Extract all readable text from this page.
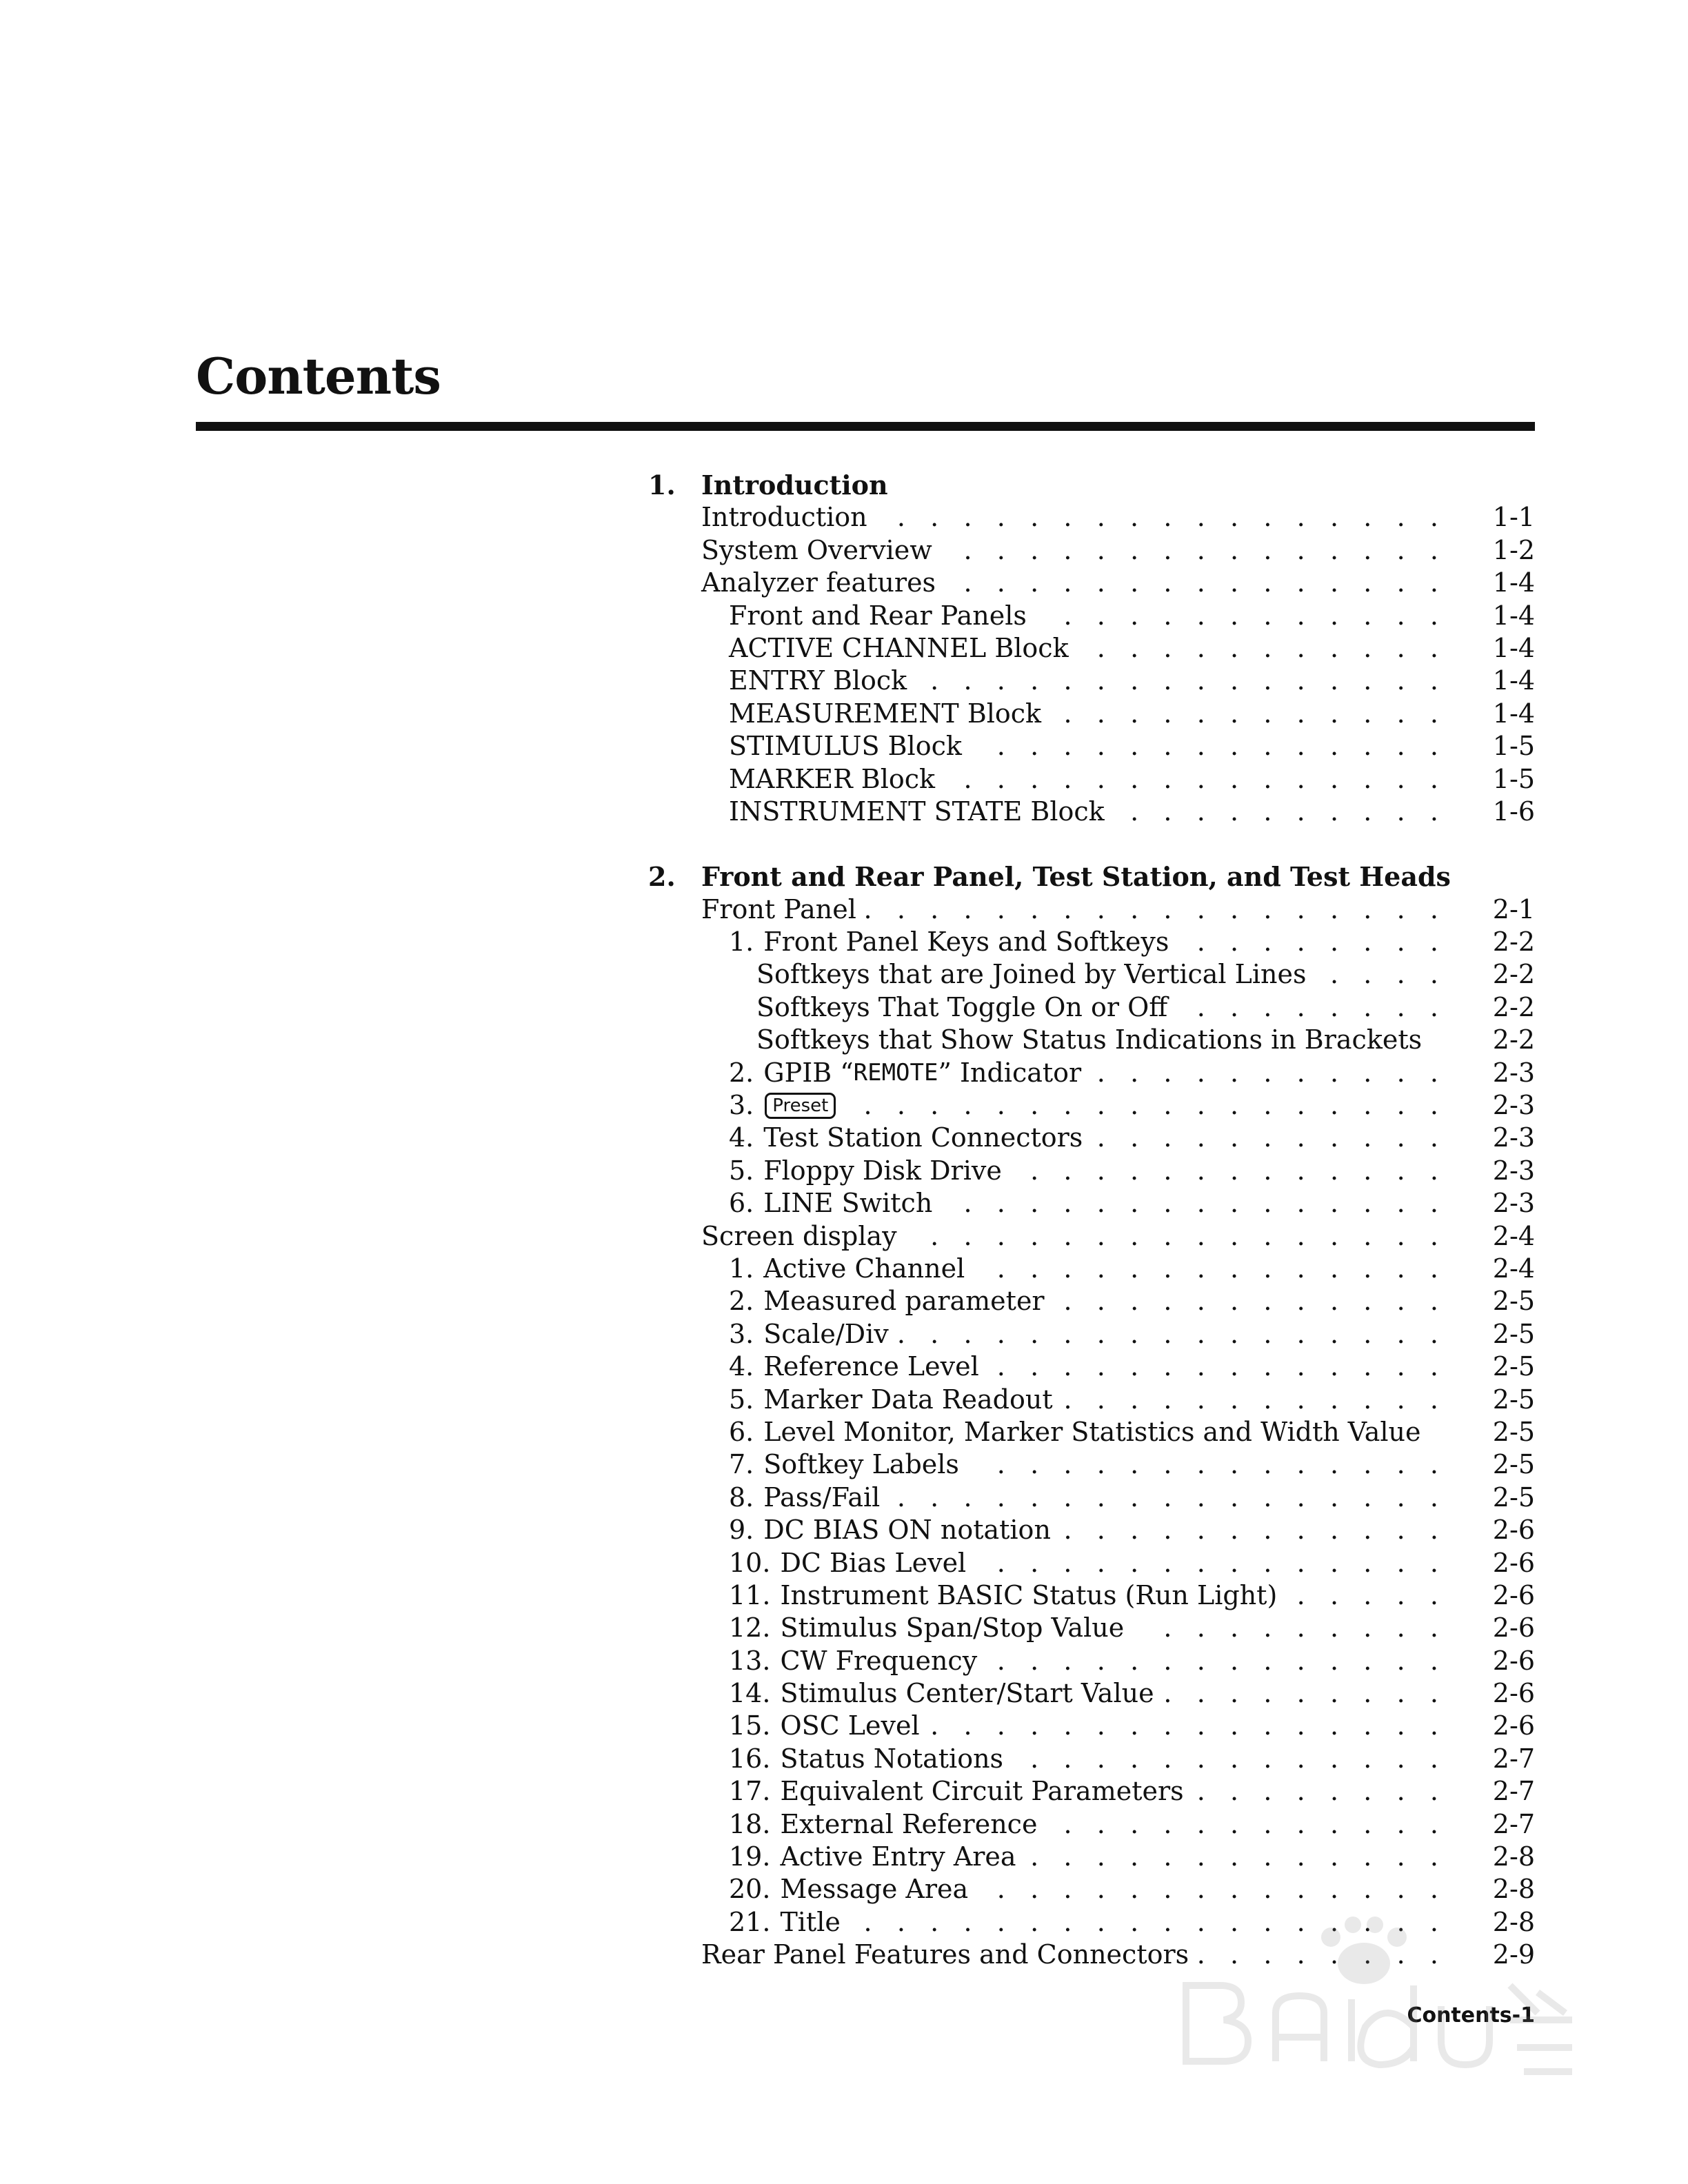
Contents
1. Introduction
Introduction .   .   .   .   .   .   .   .   .   .   .   .   .   .   .   .   . 1-1
System Overview .   .   .   .   .   .   .   .   .   .   .   .   .   .   . 1-2
Analyzer features .   .   .   .   .   .   .   .   .   .   .   .   .   .   . 1-4
Front and Rear Panels .   .   .   .   .   .   .   .   .   .   .   . 1-4
ACTIVE CHANNEL Block .   .   .   .   .   .   .   .   .   .   . 1-4
ENTRY Block .   .   .   .   .   .   .   .   .   .   .   .   .   .   .   . 1-4
MEASUREMENT Block .   .   .   .   .   .   .   .   .   .   .   . 1-4
STIMULUS Block .   .   .   .   .   .   .   .   .   .   .   .   .   . 1-5
MARKER Block .   .   .   .   .   .   .   .   .   .   .   .   .   .   . 1-5
INSTRUMENT STATE Block .   .   .   .   .   .   .   .   .   . 1-6
2. Front and Rear Panel, Test Station, and Test Heads
Front Panel .   .   .   .   .   .   .   .   .   .   .   .   .   .   .   .   .   . 2-1
1. Front Panel Keys and Softkeys .   .   .   .   .   .   .   . 2-2
Softkeys that are Joined by Vertical Lines .   .   .   . 2-2
Softkeys That Toggle On or Off .   .   .   .   .   .   .   . 2-2
Softkeys that Show Status Indications in Brackets	2-2
2. GPIB “ REMOTE ” Indicator .   .   .   .   .   .   .   .   .   .   . 2-3
3.	Preset .   .   .   .   .   .   .   .   .   .   .   .   .   .   .   .   .   . 2-3
4. Test Station Connectors .   .   .   .   .   .   .   .   .   .   . 2-3
5. Floppy Disk Drive .   .   .   .   .   .   .   .   .   .   .   .   . 2-3
6. LINE Switch .   .   .   .   .   .   .   .   .   .   .   .   .   .   . 2-3
Screen display .   .   .   .   .   .   .   .   .   .   .   .   .   .   .   . 2-4
1. Active Channel .   .   .   .   .   .   .   .   .   .   .   .   .   . 2-4
2. Measured parameter .   .   .   .   .   .   .   .   .   .   .   . 2-5
3. Scale/Div .   .   .   .   .   .   .   .   .   .   .   .   .   .   .   .   . 2-5
4. Reference Level .   .   .   .   .   .   .   .   .   .   .   .   .   . 2-5
5. Marker Data Readout .   .   .   .   .   .   .   .   .   .   .   . 2-5
6. Level Monitor, Marker Statistics and Width Value	2-5
7. Softkey Labels .   .   .   .   .   .   .   .   .   .   .   .   .   . 2-5
8. Pass/Fail .   .   .   .   .   .   .   .   .   .   .   .   .   .   .   .   . 2-5
9. DC BIAS ON notation .   .   .   .   .   .   .   .   .   .   .   . 2-6
10. DC Bias Level .   .   .   .   .   .   .   .   .   .   .   .   .   . 2-6
11. Instrument BASIC Status (Run Light) .   .   .   .   . 2-6
12. Stimulus Span/Stop Value .   .   .   .   .   .   .   .   . 2-6
13. CW Frequency .   .   .   .   .   .   .   .   .   .   .   .   .   . 2-6
14. Stimulus Center/Start Value .   .   .   .   .   .   .   .   . 2-6
15. OSC Level .   .   .   .   .   .   .   .   .   .   .   .   .   .   .   . 2-6
16. Status Notations .   .   .   .   .   .   .   .   .   .   .   .   . 2-7
17. Equivalent Circuit Parameters .   .   .   .   .   .   .   . 2-7
18. External Reference .   .   .   .   .   .   .   .   .   .   .   . 2-7
19. Active Entry Area .   .   .   .   .   .   .   .   .   .   .   .   . 2-8
20. Message Area .   .   .   .   .   .   .   .   .   .   .   .   .   . 2-8
21. Title .   .   .   .   .   .   .   .   .   .   .   .   .   .   .   .   .   . 2-8
Rear Panel Features and Connectors .   .   .   .   .   .   .   . 2-9
Contents-1
